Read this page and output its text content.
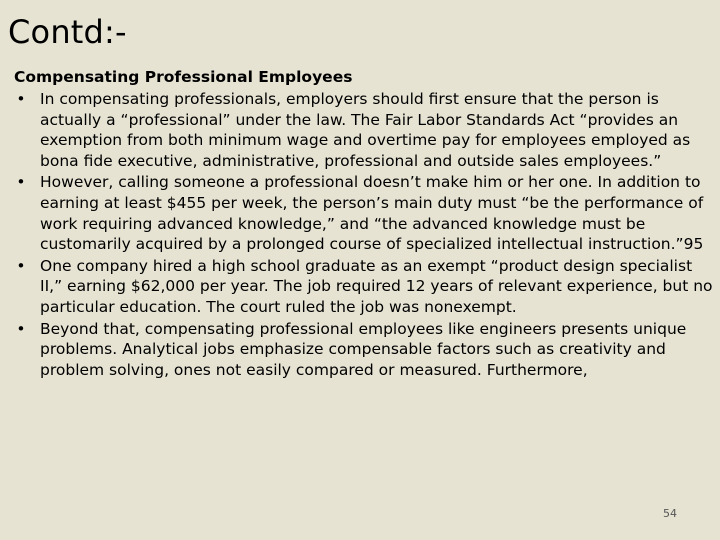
Contd:-
Compensating Professional Employees
• In compensating professionals, employers should first ensure that the person is actually a “professional” under the law. The Fair Labor Standards Act “provides an exemption from both minimum wage and overtime pay for employees employed as bona fide executive, administrative, professional and outside sales employees.”
• However, calling someone a professional doesn’t make him or her one. In addition to earning at least $455 per week, the person’s main duty must “be the performance of work requiring advanced knowledge,” and “the advanced knowledge must be customarily acquired by a prolonged course of specialized intellectual instruction.”95
• One company hired a high school graduate as an exempt “product design specialist II,” earning $62,000 per year. The job required 12 years of relevant experience, but no particular education. The court ruled the job was nonexempt.
• Beyond that, compensating professional employees like engineers presents unique problems. Analytical jobs emphasize compensable factors such as creativity and problem solving, ones not easily compared or measured. Furthermore,
54
